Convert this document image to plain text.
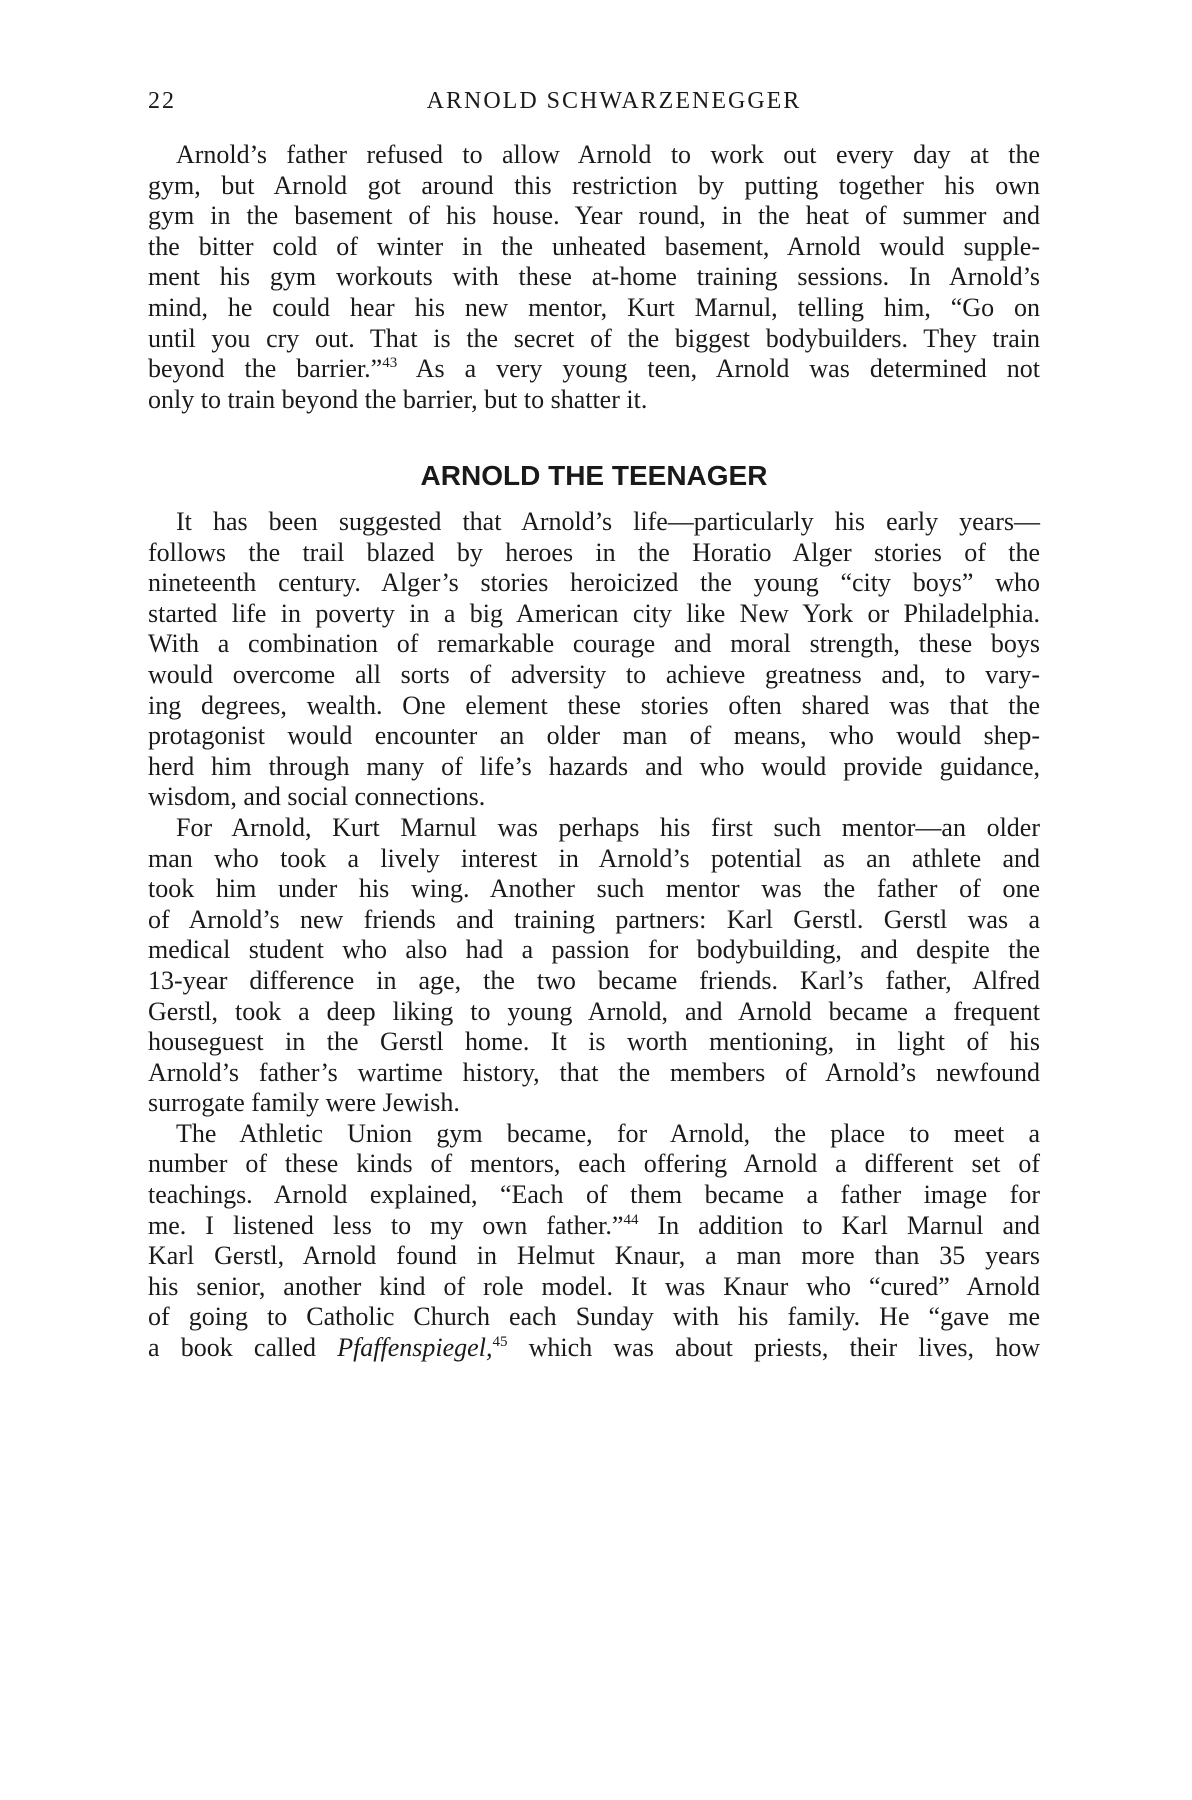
22	ARNOLD SCHWARZENEGGER
Arnold’s father refused to allow Arnold to work out every day at the
gym, but Arnold got around this restriction by putting together his own
gym in the basement of his house. Year round, in the heat of summer and
the bitter cold of winter in the unheated basement, Arnold would supple-
ment his gym workouts with these at-home training sessions. In Arnold’s
mind, he could hear his new mentor, Kurt Marnul, telling him, “Go on
until you cry out. That is the secret of the biggest bodybuilders. They train
beyond the barrier.”$^{43}$ As a very young teen, Arnold was determined not
only to train beyond the barrier, but to shatter it.
ARNOLD THE TEENAGER
It has been suggested that Arnold’s life—particularly his early years—
follows the trail blazed by heroes in the Horatio Alger stories of the
nineteenth century. Alger’s stories heroicized the young “city boys” who
started life in poverty in a big American city like New York or Philadelphia.
With a combination of remarkable courage and moral strength, these boys
would overcome all sorts of adversity to achieve greatness and, to vary-
ing degrees, wealth. One element these stories often shared was that the
protagonist would encounter an older man of means, who would shep-
herd him through many of life’s hazards and who would provide guidance,
wisdom, and social connections.
For Arnold, Kurt Marnul was perhaps his first such mentor—an older
man who took a lively interest in Arnold’s potential as an athlete and
took him under his wing. Another such mentor was the father of one
of Arnold’s new friends and training partners: Karl Gerstl. Gerstl was a
medical student who also had a passion for bodybuilding, and despite the
13-year difference in age, the two became friends. Karl’s father, Alfred
Gerstl, took a deep liking to young Arnold, and Arnold became a frequent
houseguest in the Gerstl home. It is worth mentioning, in light of his
Arnold’s father’s wartime history, that the members of Arnold’s newfound
surrogate family were Jewish.
The Athletic Union gym became, for Arnold, the place to meet a
number of these kinds of mentors, each offering Arnold a different set of
teachings. Arnold explained, “Each of them became a father image for
me. I listened less to my own father.”$^{44}$ In addition to Karl Marnul and
Karl Gerstl, Arnold found in Helmut Knaur, a man more than 35 years
his senior, another kind of role model. It was Knaur who “cured” Arnold
of going to Catholic Church each Sunday with his family. He “gave me
a book called Pfaffenspiegel,$^{45}$ which was about priests, their lives, how
